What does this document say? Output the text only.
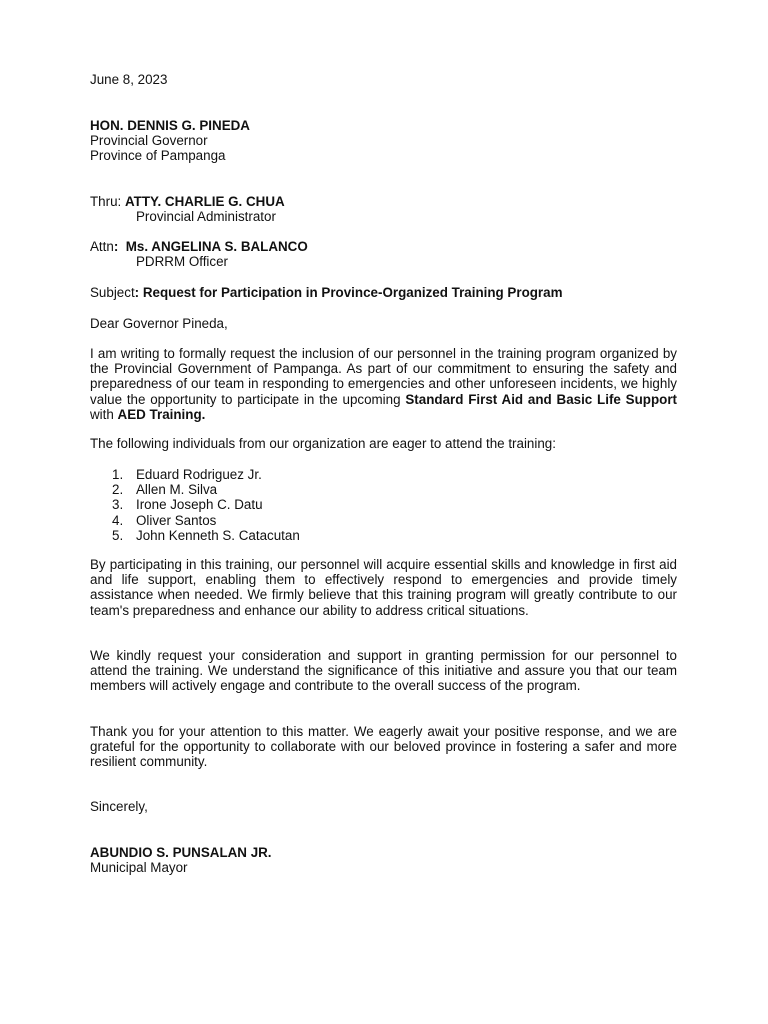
June 8, 2023
HON. DENNIS G. PINEDA
Provincial Governor
Province of Pampanga
Thru: ATTY. CHARLIE G. CHUA
Provincial Administrator
Attn: Ms. ANGELINA S. BALANCO
PDRRM Officer
Subject: Request for Participation in Province-Organized Training Program
Dear Governor Pineda,
I am writing to formally request the inclusion of our personnel in the training program organized by the Provincial Government of Pampanga. As part of our commitment to ensuring the safety and preparedness of our team in responding to emergencies and other unforeseen incidents, we highly value the opportunity to participate in the upcoming Standard First Aid and Basic Life Support with AED Training.
The following individuals from our organization are eager to attend the training:
1. Eduard Rodriguez Jr.
2. Allen M. Silva
3. Irone Joseph C. Datu
4. Oliver Santos
5. John Kenneth S. Catacutan
By participating in this training, our personnel will acquire essential skills and knowledge in first aid and life support, enabling them to effectively respond to emergencies and provide timely assistance when needed. We firmly believe that this training program will greatly contribute to our team's preparedness and enhance our ability to address critical situations.
We kindly request your consideration and support in granting permission for our personnel to attend the training. We understand the significance of this initiative and assure you that our team members will actively engage and contribute to the overall success of the program.
Thank you for your attention to this matter. We eagerly await your positive response, and we are grateful for the opportunity to collaborate with our beloved province in fostering a safer and more resilient community.
Sincerely,
ABUNDIO S. PUNSALAN JR.
Municipal Mayor
